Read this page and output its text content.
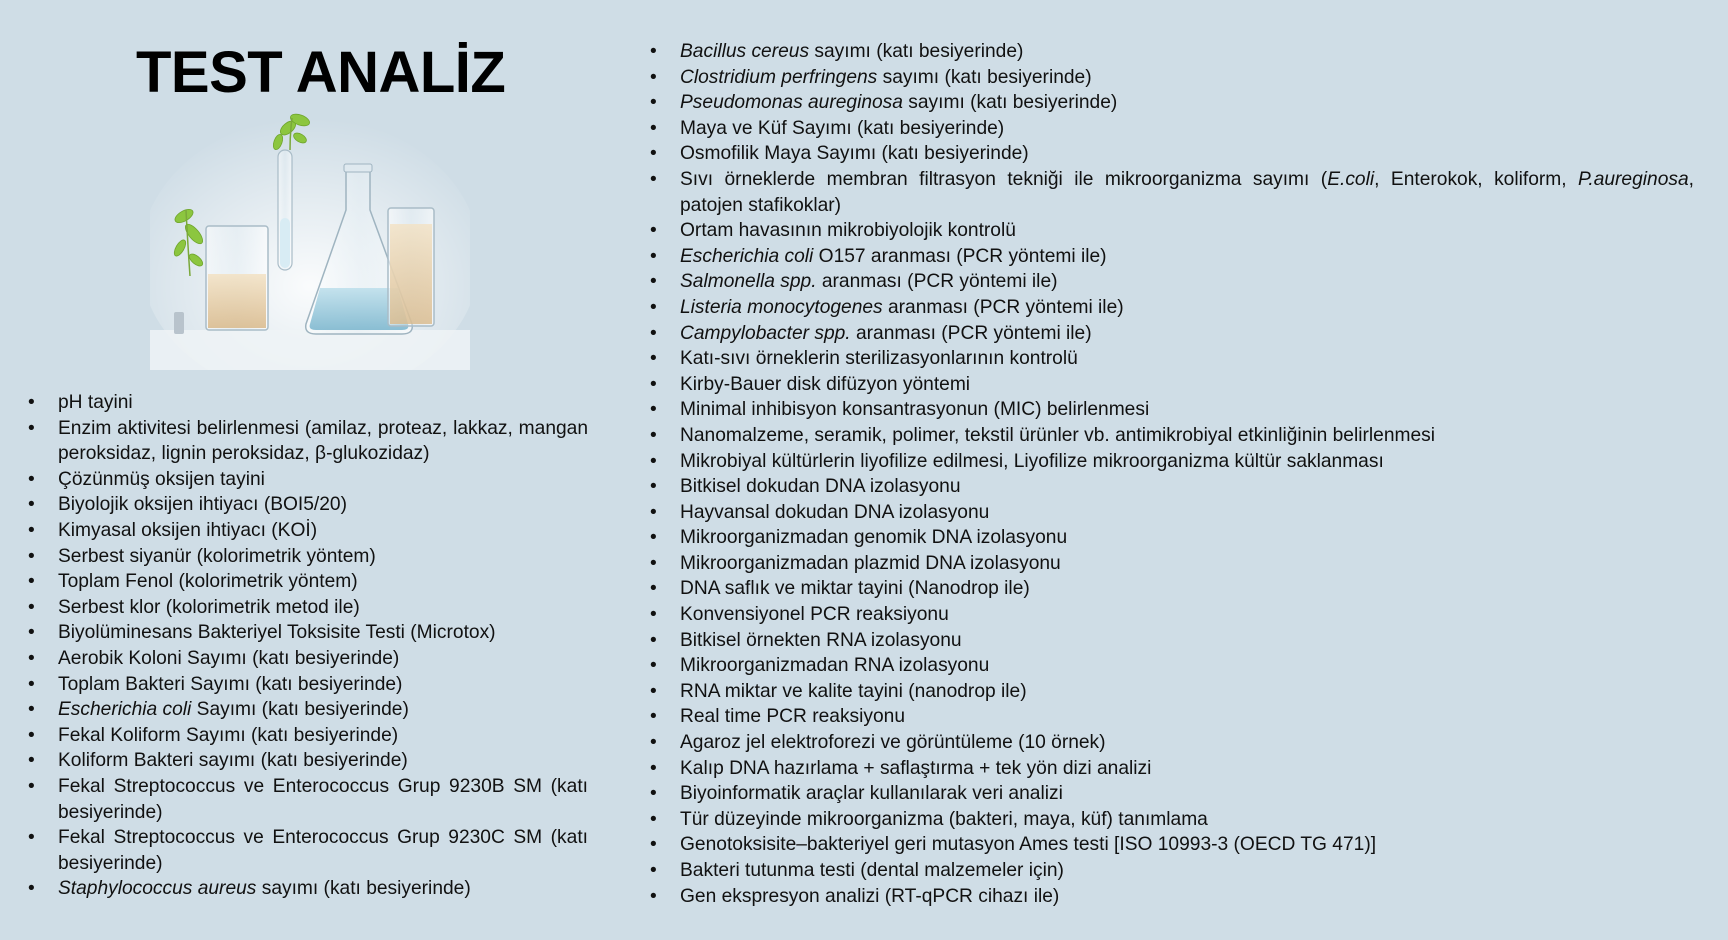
TEST ANALİZ
• pH tayini
• Enzim aktivitesi belirlenmesi (amilaz, proteaz, lakkaz, mangan peroksidaz, lignin peroksidaz, β-glukozidaz)
• Çözünmüş oksijen tayini
• Biyolojik oksijen ihtiyacı (BOI5/20)
• Kimyasal oksijen ihtiyacı (KOİ)
• Serbest siyanür (kolorimetrik yöntem)
• Toplam Fenol (kolorimetrik yöntem)
• Serbest klor (kolorimetrik metod ile)
• Biyolüminesans Bakteriyel Toksisite Testi (Microtox)
• Aerobik Koloni Sayımı (katı besiyerinde)
• Toplam Bakteri Sayımı (katı besiyerinde)
• Escherichia coli Sayımı (katı besiyerinde)
• Fekal Koliform Sayımı (katı besiyerinde)
• Koliform Bakteri sayımı (katı besiyerinde)
• Fekal Streptococcus ve Enterococcus Grup 9230B SM (katı besiyerinde)
• Fekal Streptococcus ve Enterococcus Grup 9230C SM (katı besiyerinde)
• Staphylococcus aureus sayımı (katı besiyerinde)
• Bacillus cereus sayımı (katı besiyerinde)
• Clostridium perfringens sayımı (katı besiyerinde)
• Pseudomonas aureginosa sayımı (katı besiyerinde)
• Maya ve Küf Sayımı (katı besiyerinde)
• Osmofilik Maya Sayımı (katı besiyerinde)
• Sıvı örneklerde membran filtrasyon tekniği ile mikroorganizma sayımı (E.coli, Enterokok, koliform, P.aureginosa, patojen stafikoklar)
• Ortam havasının mikrobiyolojik kontrolü
• Escherichia coli O157 aranması (PCR yöntemi ile)
• Salmonella spp. aranması (PCR yöntemi ile)
• Listeria monocytogenes aranması (PCR yöntemi ile)
• Campylobacter spp. aranması (PCR yöntemi ile)
• Katı-sıvı örneklerin sterilizasyonlarının kontrolü
• Kirby-Bauer disk difüzyon yöntemi
• Minimal inhibisyon konsantrasyonun (MIC) belirlenmesi
• Nanomalzeme, seramik, polimer, tekstil ürünler vb. antimikrobiyal etkinliğinin belirlenmesi
• Mikrobiyal kültürlerin liyofilize edilmesi, Liyofilize mikroorganizma kültür saklanması
• Bitkisel dokudan DNA izolasyonu
• Hayvansal dokudan DNA izolasyonu
• Mikroorganizmadan genomik DNA izolasyonu
• Mikroorganizmadan plazmid DNA izolasyonu
• DNA saflık ve miktar tayini (Nanodrop ile)
• Konvensiyonel PCR reaksiyonu
• Bitkisel örnekten RNA izolasyonu
• Mikroorganizmadan RNA izolasyonu
• RNA miktar ve kalite tayini (nanodrop ile)
• Real time PCR reaksiyonu
• Agaroz jel elektroforezi ve görüntüleme (10 örnek)
• Kalıp DNA hazırlama + saflaştırma + tek yön dizi analizi
• Biyoinformatik araçlar kullanılarak veri analizi
• Tür düzeyinde mikroorganizma (bakteri, maya, küf) tanımlama
• Genotoksisite–bakteriyel geri mutasyon Ames testi [ISO 10993-3 (OECD TG 471)]
• Bakteri tutunma testi (dental malzemeler için)
• Gen ekspresyon analizi (RT-qPCR cihazı ile)
